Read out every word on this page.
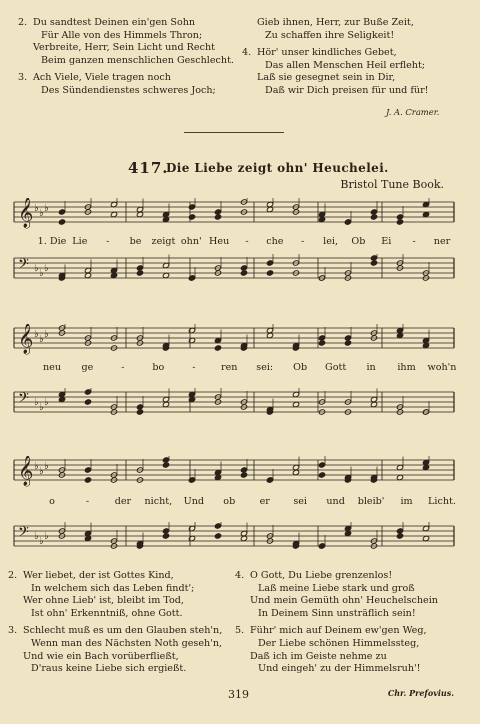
2. Du sandtest Deinen ein'gen Sohn
Für Alle von des Himmels Thron;
Verbreite, Herr, Sein Licht und Recht
Beim ganzen menschlichen Geschlecht.
3. Ach Viele, Viele tragen noch
Des Sündendienstes schweres Joch;
Gieb ihnen, Herr, zur Buße Zeit,
Zu schaffen ihre Seligkeit!
4. Hör' unser kindliches Gebet,
Das allen Menschen Heil erfleht;
Laß sie gesegnet sein in Dir,
Daß wir Dich preisen für und für!
J. A. Cramer.
417.
Die Liebe zeigt ohn' Heuchelei.
Bristol Tune Book.
𝄞 ♭ ♭ ♭
1. Die Lie - be zeigt ohn' Heu - che - lei, Ob Ei - ner
𝄢 ♭ ♭ ♭
𝄞 ♭ ♭ ♭
neu ge	-	bo	-	ren sei: Ob Gott in ihm woh'n
𝄢 ♭ ♭ ♭
𝄞 ♭ ♭ ♭
o	-	der nicht, Und ob	er sei und bleib' im Licht.
𝄢 ♭ ♭ ♭
2. Wer liebet, der ist Gottes Kind,
In welchem sich das Leben findt';
Wer ohne Lieb' ist, bleibt im Tod,
Ist ohn' Erkenntniß, ohne Gott.
3. Schlecht muß es um den Glauben steh'n,
Wenn man des Nächsten Noth geseh'n,
Und wie ein Bach vorüberfließt,
D'raus keine Liebe sich ergießt.
4. O Gott, Du Liebe grenzenlos!
Laß meine Liebe stark und groß
Und mein Gemüth ohn' Heuchelschein
In Deinem Sinn unsträflich sein!
5. Führ' mich auf Deinem ew'gen Weg,
Der Liebe schönen Himmelssteg,
Daß ich im Geiste nehme zu
Und eingeh' zu der Himmelsruh'!
319	Chr. Prefovius.
